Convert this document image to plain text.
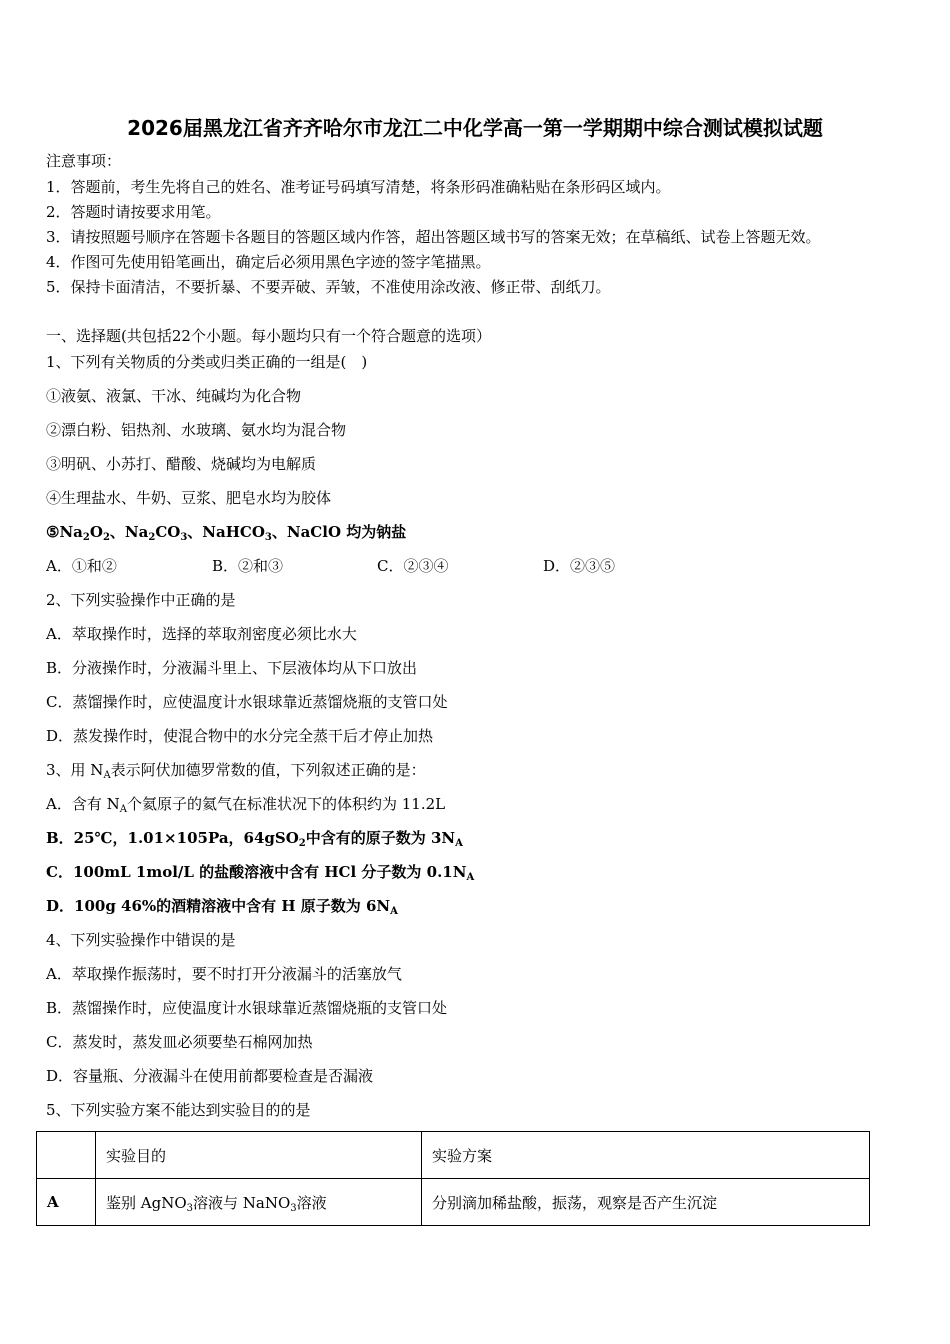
2026届黑龙江省齐齐哈尔市龙江二中化学高一第一学期期中综合测试模拟试题
注意事项：
1．答题前，考生先将自己的姓名、准考证号码填写清楚，将条形码准确粘贴在条形码区域内。
2．答题时请按要求用笔。
3．请按照题号顺序在答题卡各题目的答题区域内作答，超出答题区域书写的答案无效；在草稿纸、试卷上答题无效。
4．作图可先使用铅笔画出，确定后必须用黑色字迹的签字笔描黑。
5．保持卡面清洁，不要折暴、不要弄破、弄皱，不准使用涂改液、修正带、刮纸刀。
一、选择题(共包括22个小题。每小题均只有一个符合题意的选项）
1、下列有关物质的分类或归类正确的一组是(　)
①液氨、液氯、干冰、纯碱均为化合物
②漂白粉、铝热剂、水玻璃、氨水均为混合物
③明矾、小苏打、醋酸、烧碱均为电解质
④生理盐水、牛奶、豆浆、肥皂水均为胶体
$⑤Na_2O_2$、$Na_2CO_3$、NaHCO$_3$、NaClO 均为钠盐
A．①和②	B．②和③	C．②③④	D．②③⑤
2、下列实验操作中正确的是
A．萃取操作时，选择的萃取剂密度必须比水大
B．分液操作时，分液漏斗里上、下层液体均从下口放出
C．蒸馏操作时，应使温度计水银球靠近蒸馏烧瓶的支管口处
D．蒸发操作时，使混合物中的水分完全蒸干后才停止加热
3、用 $N_A$表示阿伏加德罗常数的值，下列叙述正确的是：
A．含有 $N_A$个氦原子的氦气在标准状况下的体积约为 11.2L
B．25℃，1.01×105Pa，64gSO$_2$中含有的原子数为 $3N_A$
C．100mL 1mol/L 的盐酸溶液中含有 HCl 分子数为 $0.1N_A$
D．100g 46%的酒精溶液中含有 H 原子数为 $6N_A$
4、下列实验操作中错误的是
A．萃取操作振荡时，要不时打开分液漏斗的活塞放气
B．蒸馏操作时，应使温度计水银球靠近蒸馏烧瓶的支管口处
C．蒸发时，蒸发皿必须要垫石棉网加热
D．容量瓶、分液漏斗在使用前都要检查是否漏液
5、下列实验方案不能达到实验目的的是
	实验目的	实验方案
A	鉴别 AgNO$_3$溶液与 NaNO$_3$溶液	分别滴加稀盐酸，振荡，观察是否产生沉淀
